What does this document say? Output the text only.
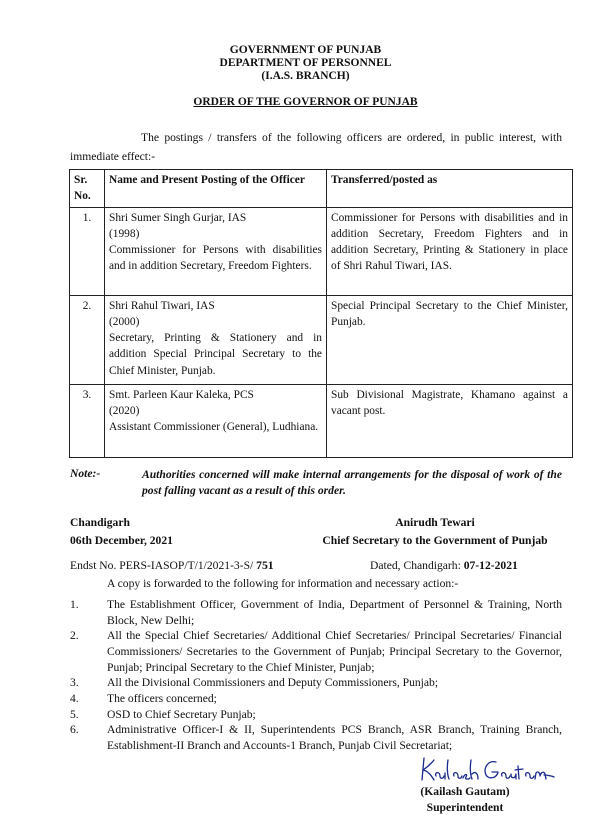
GOVERNMENT OF PUNJAB
DEPARTMENT OF PERSONNEL
(I.A.S. BRANCH)
ORDER OF THE GOVERNOR OF PUNJAB
The postings / transfers of the following officers are ordered, in public interest, with immediate effect:-
Sr. No.	Name and Present Posting of the Officer	Transferred/posted as
1.	Shri Sumer Singh Gurjar, IAS
(1998)
Commissioner for Persons with disabilities and in addition Secretary, Freedom Fighters.	Commissioner for Persons with disabilities and in addition Secretary, Freedom Fighters and in addition Secretary, Printing & Stationery in place of Shri Rahul Tiwari, IAS.
2.	Shri Rahul Tiwari, IAS
(2000)
Secretary, Printing & Stationery and in addition Special Principal Secretary to the Chief Minister, Punjab.	Special Principal Secretary to the Chief Minister, Punjab.
3.	Smt. Parleen Kaur Kaleka, PCS
(2020)
Assistant Commissioner (General), Ludhiana.	Sub Divisional Magistrate, Khamano against a vacant post.
Note:-	Authorities concerned will make internal arrangements for the disposal of work of the post falling vacant as a result of this order.
Chandigarh
06th December, 2021
Anirudh Tewari
Chief Secretary to the Government of Punjab
Endst No. PERS-IASOP/T/1/2021-3-S/ 751	Dated, Chandigarh: 07-12-2021
A copy is forwarded to the following for information and necessary action:-
1. The Establishment Officer, Government of India, Department of Personnel & Training, North Block, New Delhi;
2. All the Special Chief Secretaries/ Additional Chief Secretaries/ Principal Secretaries/ Financial Commissioners/ Secretaries to the Government of Punjab; Principal Secretary to the Governor, Punjab; Principal Secretary to the Chief Minister, Punjab;
3. All the Divisional Commissioners and Deputy Commissioners, Punjab;
4. The officers concerned;
5. OSD to Chief Secretary Punjab;
6. Administrative Officer-I & II, Superintendents PCS Branch, ASR Branch, Training Branch, Establishment-II Branch and Accounts-1 Branch, Punjab Civil Secretariat;
(Kailash Gautam)
Superintendent
